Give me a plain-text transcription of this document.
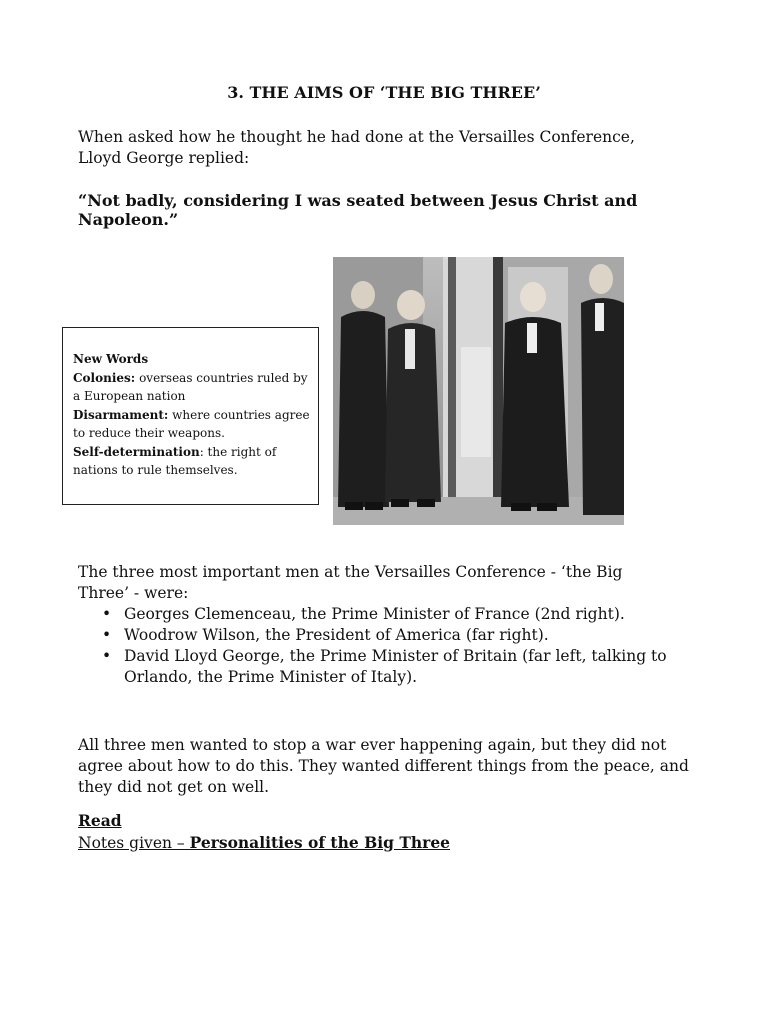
3. THE AIMS OF ‘THE BIG THREE’
When asked how he thought he had done at the Versailles Conference, Lloyd George replied:
“Not badly, considering I was seated between Jesus Christ and Napoleon.”
New Words
Colonies: overseas countries ruled by a European nation
Disarmament: where countries agree to reduce their weapons.
Self-determination: the right of nations to rule themselves.
The three most important men at the Versailles Conference - ‘the Big Three’ - were:
• Georges Clemenceau, the Prime Minister of France (2nd right).
• Woodrow Wilson, the President of America (far right).
• David Lloyd George, the Prime Minister of Britain (far left, talking to Orlando, the Prime Minister of Italy).
All three men wanted to stop a war ever happening again, but they did not agree about how to do this. They wanted different things from the peace, and they did not get on well.
Read
Notes given – Personalities of the Big Three
